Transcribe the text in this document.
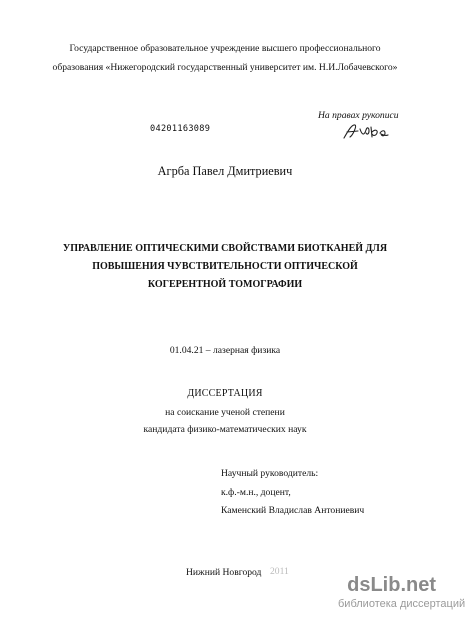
Государственное образовательное учреждение высшего профессионального
образования «Нижегородский государственный университет им. Н.И.Лобачевского»
На правах рукописи
04201163089
Агрба Павел Дмитриевич
УПРАВЛЕНИЕ ОПТИЧЕСКИМИ СВОЙСТВАМИ БИОТКАНЕЙ ДЛЯ
ПОВЫШЕНИЯ ЧУВСТВИТЕЛЬНОСТИ ОПТИЧЕСКОЙ
КОГЕРЕНТНОЙ ТОМОГРАФИИ
01.04.21 – лазерная физика
ДИССЕРТАЦИЯ
на соискание ученой степени
кандидата физико-математических наук
Научный руководитель:
к.ф.-м.н., доцент,
Каменский Владислав Антониевич
Нижний Новгород 2011
dsLib.net
библиотека диссертаций
